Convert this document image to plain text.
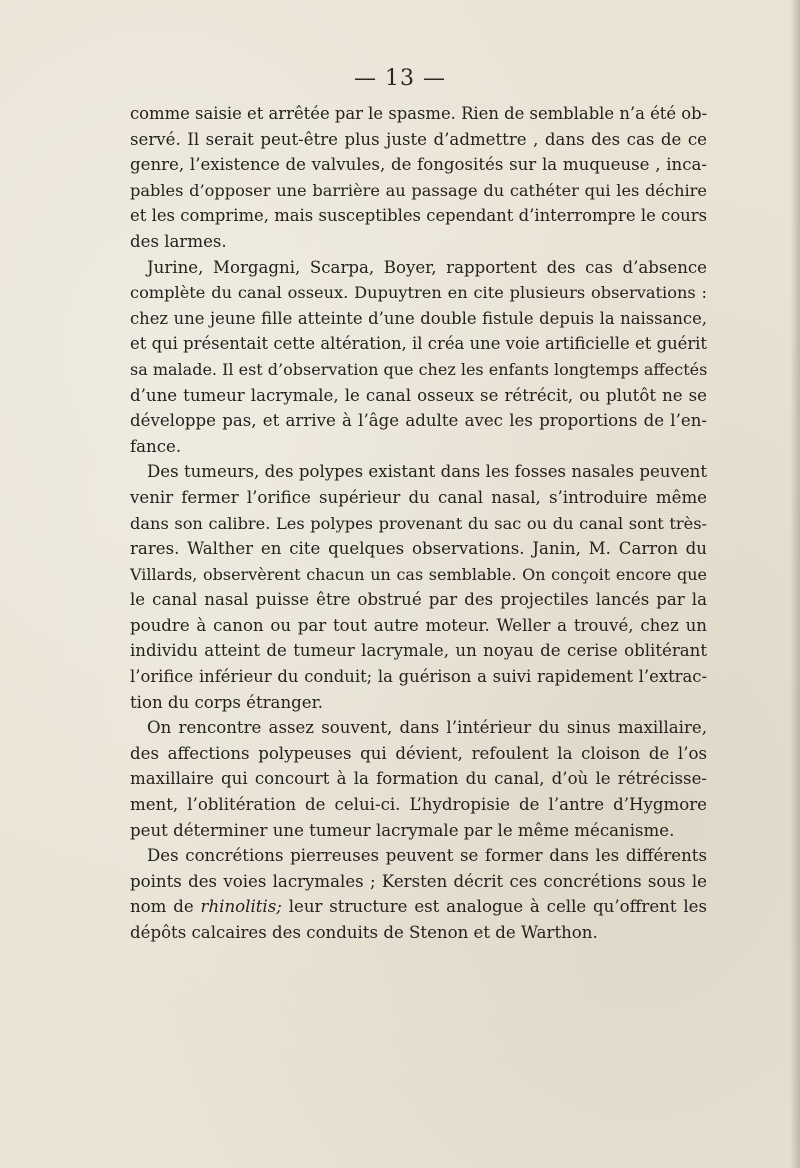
— 13 —
comme saisie et arrêtée par le spasme. Rien de semblable n’a été ob-
servé. Il serait peut-être plus juste d’admettre , dans des cas de ce
genre, l’existence de valvules, de fongosités sur la muqueuse , inca-
pables d’opposer une barrière au passage du cathéter qui les déchire
et les comprime, mais susceptibles cependant d’interrompre le cours
des larmes.
Jurine, Morgagni, Scarpa, Boyer, rapportent des cas d’absence
complète du canal osseux. Dupuytren en cite plusieurs observations :
chez une jeune fille atteinte d’une double fistule depuis la naissance,
et qui présentait cette altération, il créa une voie artificielle et guérit
sa malade. Il est d’observation que chez les enfants longtemps affectés
d’une tumeur lacrymale, le canal osseux se rétrécit, ou plutôt ne se
développe pas, et arrive à l’âge adulte avec les proportions de l’en-
fance.
Des tumeurs, des polypes existant dans les fosses nasales peuvent
venir fermer l’orifice supérieur du canal nasal, s’introduire même
dans son calibre. Les polypes provenant du sac ou du canal sont très-
rares. Walther en cite quelques observations. Janin, M. Carron du
Villards, observèrent chacun un cas semblable. On conçoit encore que
le canal nasal puisse être obstrué par des projectiles lancés par la
poudre à canon ou par tout autre moteur. Weller a trouvé, chez un
individu atteint de tumeur lacrymale, un noyau de cerise oblitérant
l’orifice inférieur du conduit; la guérison a suivi rapidement l’extrac-
tion du corps étranger.
On rencontre assez souvent, dans l’intérieur du sinus maxillaire,
des affections polypeuses qui dévient, refoulent la cloison de l’os
maxillaire qui concourt à la formation du canal, d’où le rétrécisse-
ment, l’oblitération de celui-ci. L’hydropisie de l’antre d’Hygmore
peut déterminer une tumeur lacrymale par le même mécanisme.
Des concrétions pierreuses peuvent se former dans les différents
points des voies lacrymales ; Kersten décrit ces concrétions sous le
nom de rhinolitis; leur structure est analogue à celle qu’offrent les
dépôts calcaires des conduits de Stenon et de Warthon.
